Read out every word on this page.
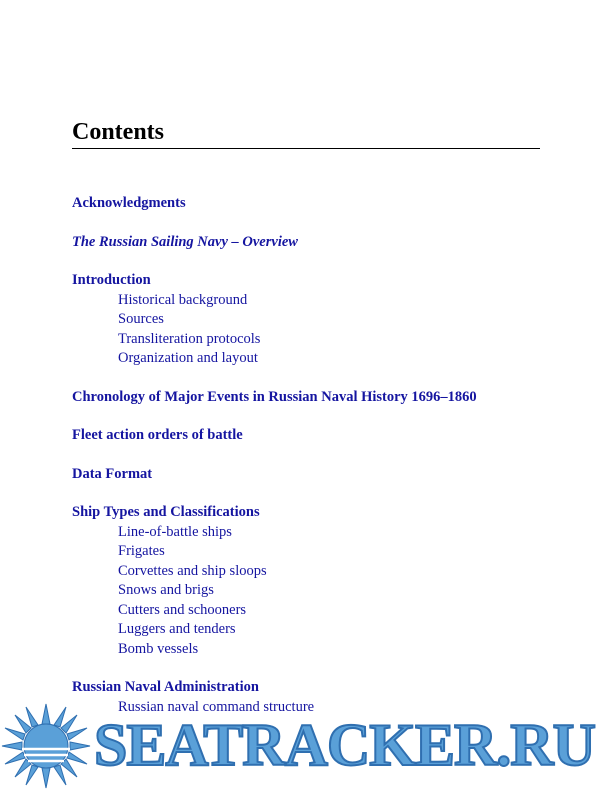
Contents
Acknowledgments
The Russian Sailing Navy – Overview
Introduction
Historical background
Sources
Transliteration protocols
Organization and layout
Chronology of Major Events in Russian Naval History 1696–1860
Fleet action orders of battle
Data Format
Ship Types and Classifications
Line-of-battle ships
Frigates
Corvettes and ship sloops
Snows and brigs
Cutters and schooners
Luggers and tenders
Bomb vessels
Russian Naval Administration
Russian naval command structure
SEATRACKER.RU
